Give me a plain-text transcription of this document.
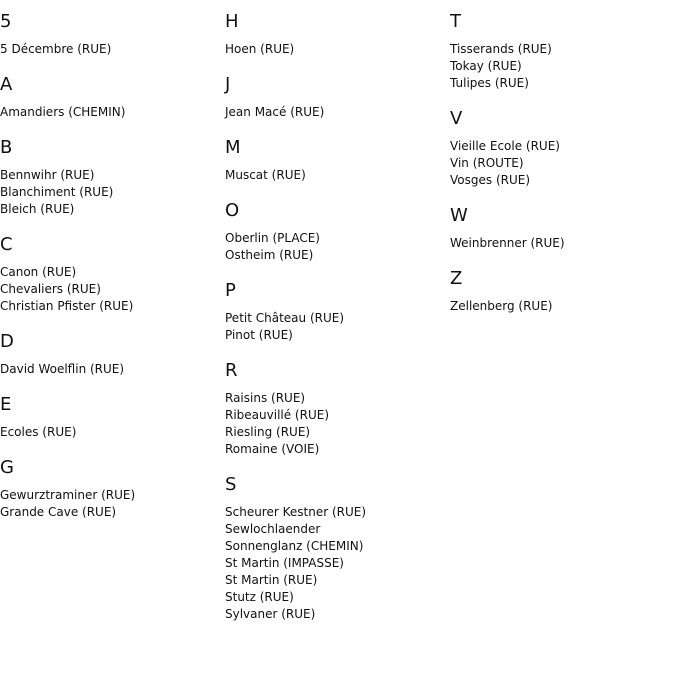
5
5 Décembre (RUE)
A
Amandiers (CHEMIN)
B
Bennwihr (RUE)
Blanchiment (RUE)
Bleich (RUE)
C
Canon (RUE)
Chevaliers (RUE)
Christian Pfister (RUE)
D
David Woelflin (RUE)
E
Ecoles (RUE)
G
Gewurztraminer (RUE)
Grande Cave (RUE)
H
Hoen (RUE)
J
Jean Macé (RUE)
M
Muscat (RUE)
O
Oberlin (PLACE)
Ostheim (RUE)
P
Petit Château (RUE)
Pinot (RUE)
R
Raisins (RUE)
Ribeauvillé (RUE)
Riesling (RUE)
Romaine (VOIE)
S
Scheurer Kestner (RUE)
Sewlochlaender
Sonnenglanz (CHEMIN)
St Martin (IMPASSE)
St Martin (RUE)
Stutz (RUE)
Sylvaner (RUE)
T
Tisserands (RUE)
Tokay (RUE)
Tulipes (RUE)
V
Vieille Ecole (RUE)
Vin (ROUTE)
Vosges (RUE)
W
Weinbrenner (RUE)
Z
Zellenberg (RUE)
